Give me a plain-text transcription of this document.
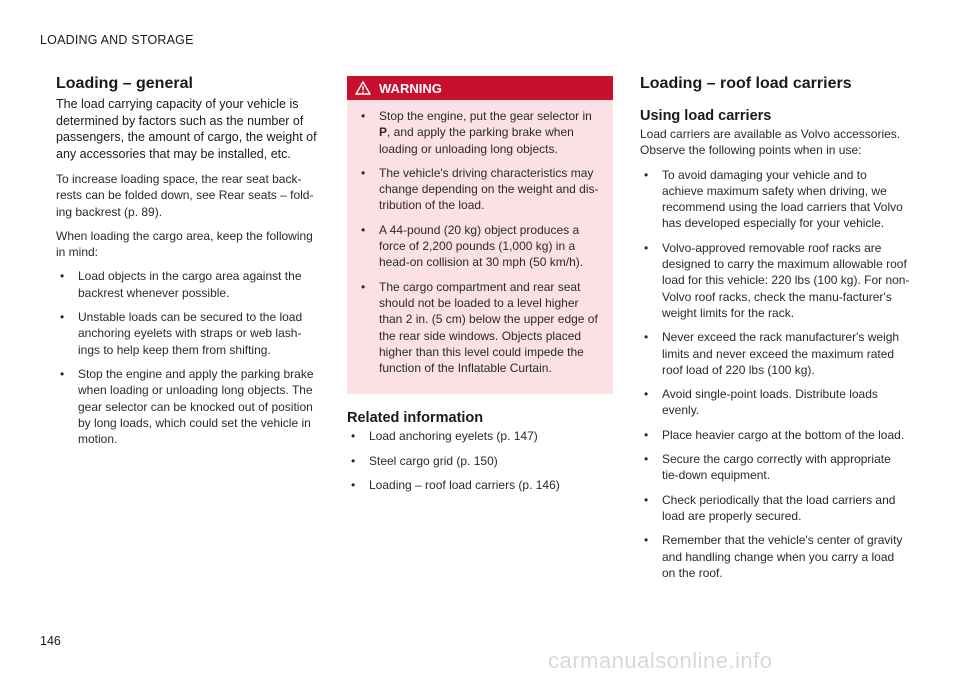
LOADING AND STORAGE
Loading – general

The load carrying capacity of your vehicle is determined by factors such as the number of passengers, the amount of cargo, the weight of any accessories that may be installed, etc.

To increase loading space, the rear seat back-rests can be folded down, see Rear seats – fold-ing backrest (p. 89).

When loading the cargo area, keep the following in mind:

• Load objects in the cargo area against the backrest whenever possible.
• Unstable loads can be secured to the load anchoring eyelets with straps or web lash-ings to help keep them from shifting.
• Stop the engine and apply the parking brake when loading or unloading long objects. The gear selector can be knocked out of position by long loads, which could set the vehicle in motion.
WARNING
• Stop the engine, put the gear selector in P, and apply the parking brake when loading or unloading long objects.
• The vehicle's driving characteristics may change depending on the weight and dis-tribution of the load.
• A 44-pound (20 kg) object produces a force of 2,200 pounds (1,000 kg) in a head-on collision at 30 mph (50 km/h).
• The cargo compartment and rear seat should not be loaded to a level higher than 2 in. (5 cm) below the upper edge of the rear side windows. Objects placed higher than this level could impede the function of the Inflatable Curtain.
Related information
• Load anchoring eyelets (p. 147)
• Steel cargo grid (p. 150)
• Loading – roof load carriers (p. 146)
Loading – roof load carriers
Using load carriers

Load carriers are available as Volvo accessories. Observe the following points when in use:

• To avoid damaging your vehicle and to achieve maximum safety when driving, we recommend using the load carriers that Volvo has developed especially for your vehicle.
• Volvo-approved removable roof racks are designed to carry the maximum allowable roof load for this vehicle: 220 lbs (100 kg). For non-Volvo roof racks, check the manu-facturer's weight limits for the rack.
• Never exceed the rack manufacturer's weigh limits and never exceed the maximum rated roof load of 220 lbs (100 kg).
• Avoid single-point loads. Distribute loads evenly.
• Place heavier cargo at the bottom of the load.
• Secure the cargo correctly with appropriate tie-down equipment.
• Check periodically that the load carriers and load are properly secured.
• Remember that the vehicle's center of gravity and handling change when you carry a load on the roof.
146
carmanualsonline.info
